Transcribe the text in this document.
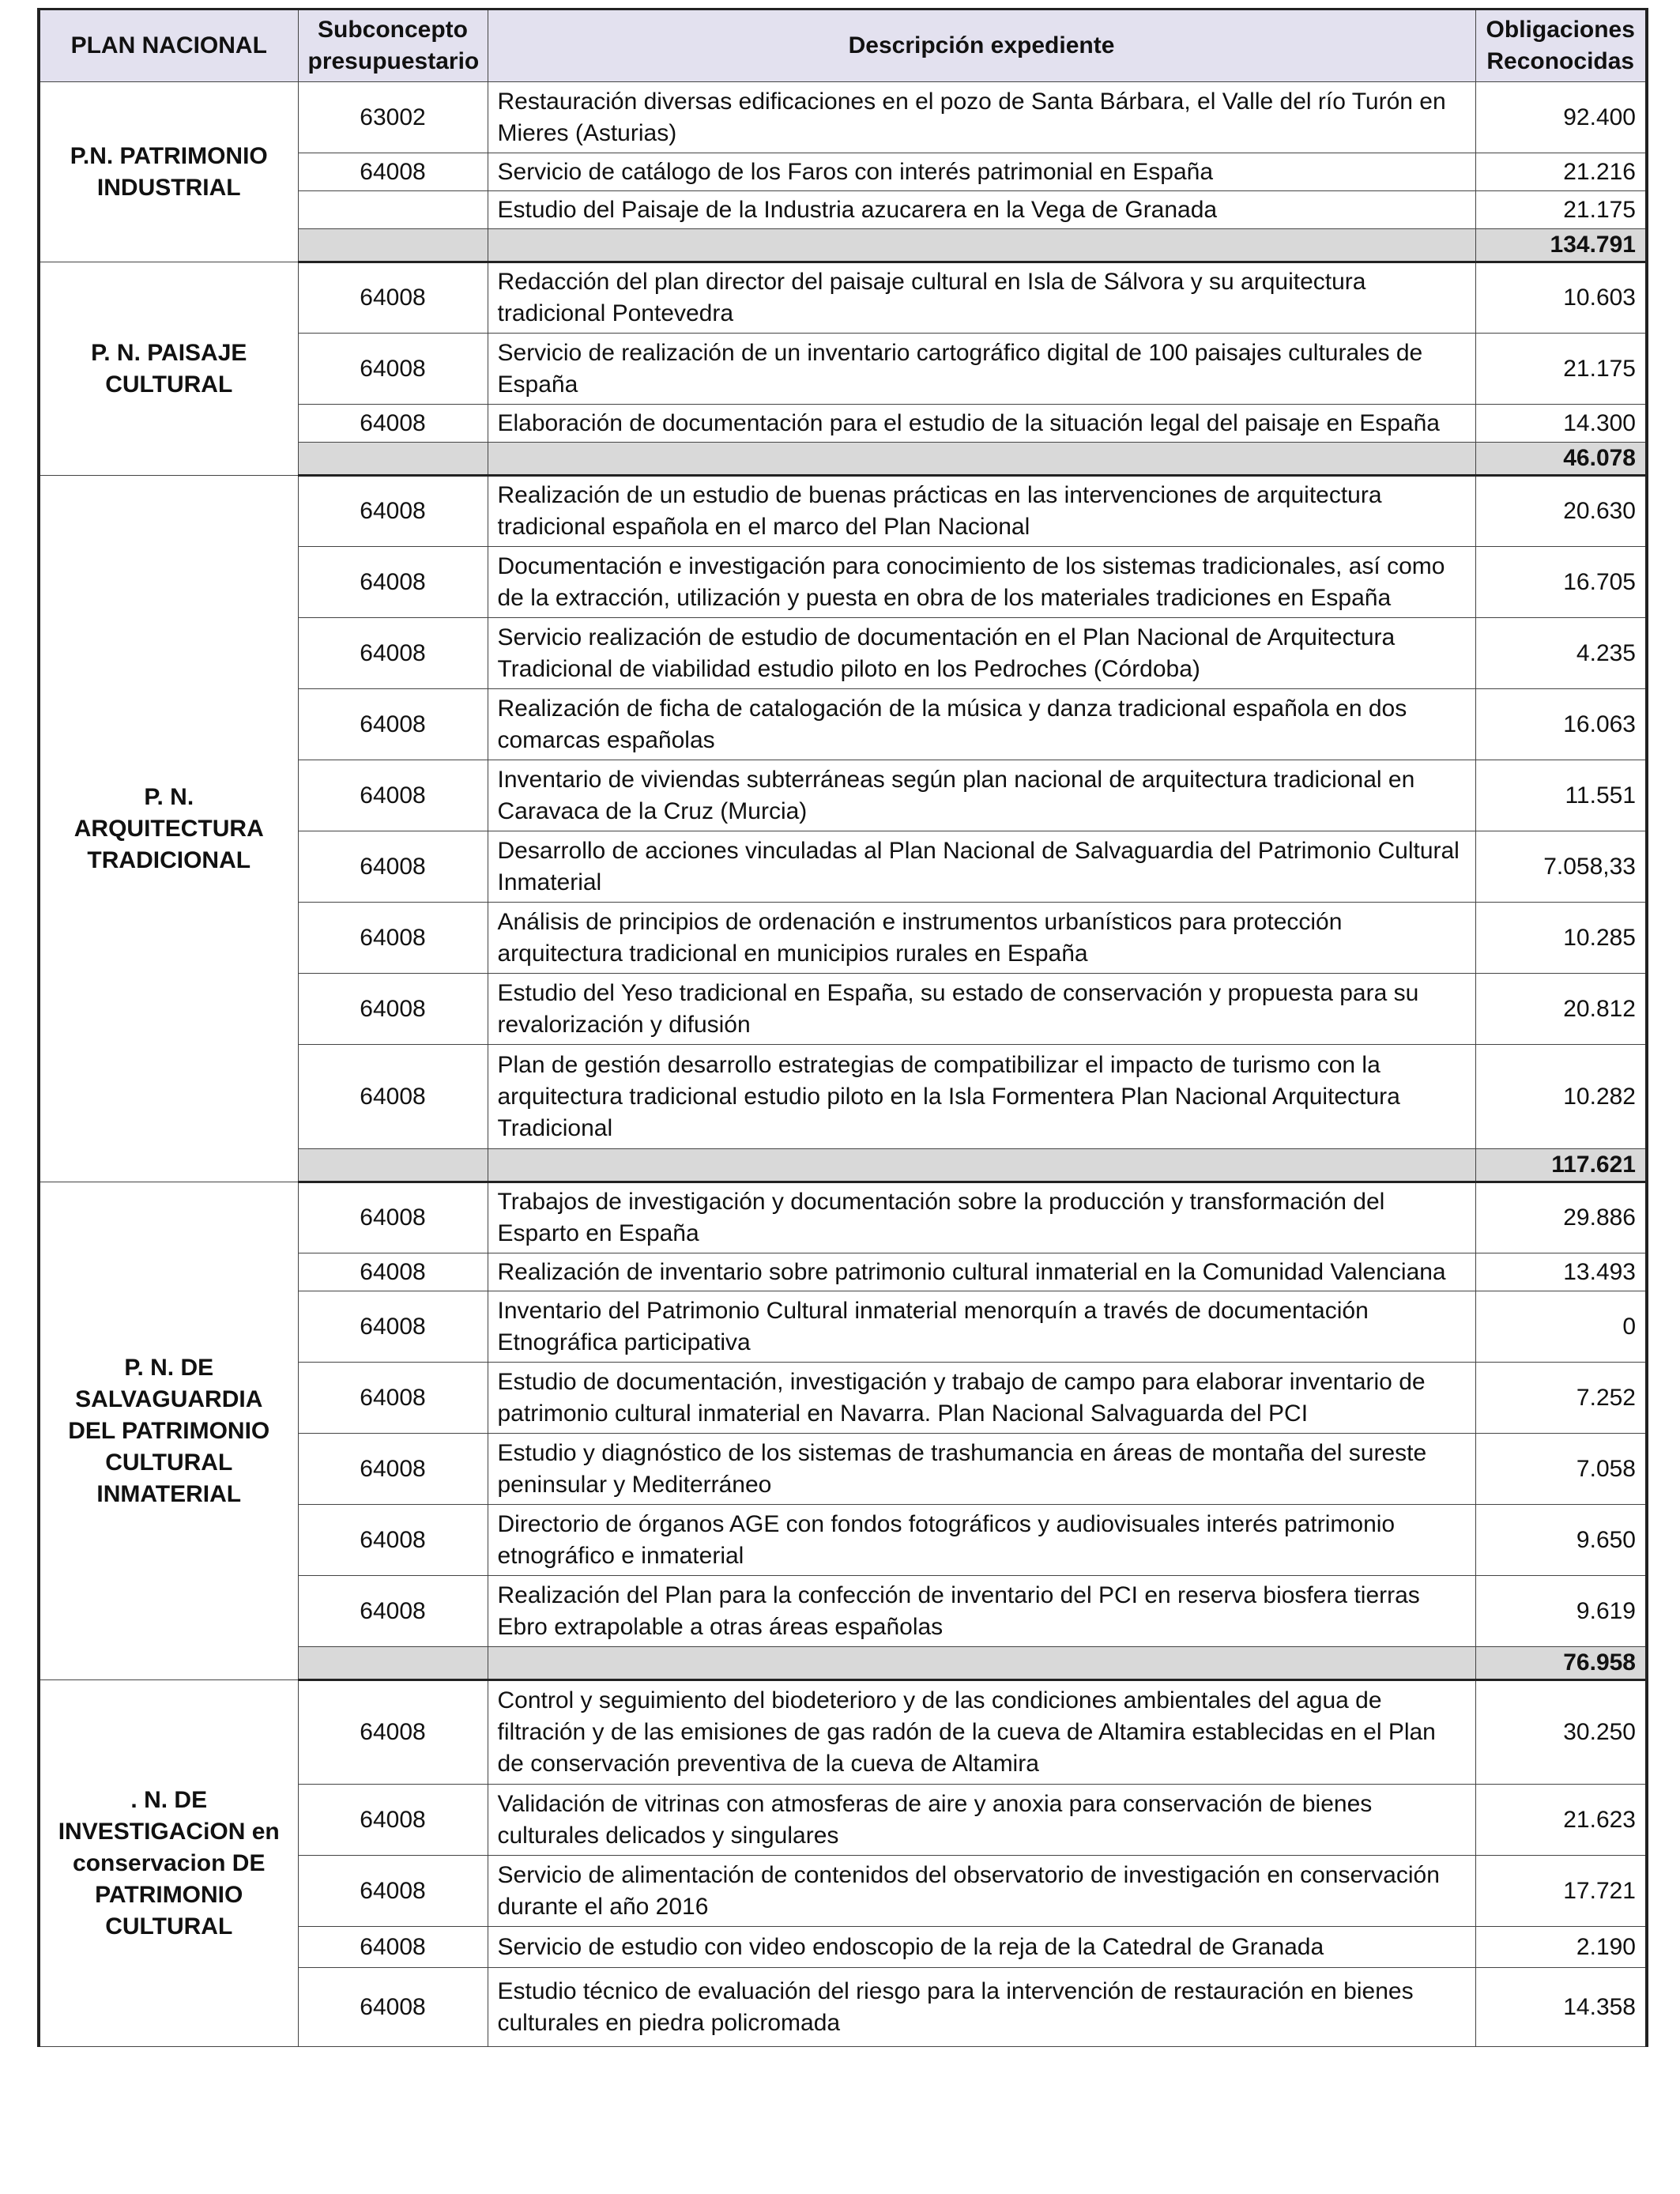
PLAN NACIONAL	Subconcepto presupuestario	Descripción expediente	Obligaciones Reconocidas
P.N. PATRIMONIO INDUSTRIAL	63002	Restauración diversas edificaciones en el pozo de Santa Bárbara, el Valle del río Turón en Mieres (Asturias)	92.400
	64008	Servicio de catálogo de los Faros con interés patrimonial en España	21.216
		Estudio del Paisaje de la Industria azucarera en la Vega de Granada	21.175
			134.791
P. N. PAISAJE CULTURAL	64008	Redacción del plan director del paisaje cultural en Isla de Sálvora y su arquitectura tradicional Pontevedra	10.603
	64008	Servicio de realización de un inventario cartográfico digital de 100 paisajes culturales de España	21.175
	64008	Elaboración de documentación para el estudio de la situación legal del paisaje en España	14.300
			46.078
P. N. ARQUITECTURA TRADICIONAL	64008	Realización de un estudio de buenas prácticas en las intervenciones de arquitectura tradicional española en el marco del Plan Nacional	20.630
	64008	Documentación e investigación para conocimiento de los sistemas tradicionales, así como de la extracción, utilización y puesta en obra de los materiales tradiciones en España	16.705
	64008	Servicio realización de estudio de documentación en el Plan Nacional de Arquitectura Tradicional de viabilidad estudio piloto en los Pedroches (Córdoba)	4.235
	64008	Realización de ficha de catalogación de la música y danza tradicional española en dos comarcas españolas	16.063
	64008	Inventario de viviendas subterráneas según plan nacional de arquitectura tradicional en Caravaca de la Cruz (Murcia)	11.551
	64008	Desarrollo de acciones vinculadas al Plan Nacional de Salvaguardia del Patrimonio Cultural Inmaterial	7.058,33
	64008	Análisis de principios de ordenación e instrumentos urbanísticos para protección arquitectura tradicional en municipios rurales en España	10.285
	64008	Estudio del Yeso tradicional en España, su estado de conservación y propuesta para su revalorización y difusión	20.812
	64008	Plan de gestión desarrollo estrategias de compatibilizar el impacto de turismo con la arquitectura tradicional estudio piloto en la Isla Formentera Plan Nacional Arquitectura Tradicional	10.282
			117.621
P. N. DE SALVAGUARDIA DEL PATRIMONIO CULTURAL INMATERIAL	64008	Trabajos de investigación y documentación sobre la producción y transformación del Esparto en España	29.886
	64008	Realización de inventario sobre patrimonio cultural inmaterial en la Comunidad Valenciana	13.493
	64008	Inventario del Patrimonio Cultural inmaterial menorquín a través de documentación Etnográfica participativa	0
	64008	Estudio de documentación, investigación y trabajo de campo para elaborar inventario de patrimonio cultural inmaterial en Navarra. Plan Nacional Salvaguarda del PCI	7.252
	64008	Estudio y diagnóstico de los sistemas de trashumancia en áreas de montaña del sureste peninsular y Mediterráneo	7.058
	64008	Directorio de órganos AGE con fondos fotográficos y audiovisuales interés patrimonio etnográfico e inmaterial	9.650
	64008	Realización del Plan para la confección de inventario del PCI en reserva biosfera tierras Ebro extrapolable a otras áreas españolas	9.619
			76.958
. N. DE INVESTIGACiON en conservacion DE PATRIMONIO CULTURAL	64008	Control y seguimiento del biodeterioro y de las condiciones ambientales del agua de filtración y de las emisiones de gas radón de la cueva de Altamira establecidas en el Plan de conservación preventiva de la cueva de Altamira	30.250
	64008	Validación de vitrinas con atmosferas de aire y anoxia para conservación de bienes culturales delicados y singulares	21.623
	64008	Servicio de alimentación de contenidos del observatorio de investigación en conservación durante el año 2016	17.721
	64008	Servicio de estudio con video endoscopio de la reja de la Catedral de Granada	2.190
	64008	Estudio técnico de evaluación del riesgo para la intervención de restauración en bienes culturales en piedra policromada	14.358
